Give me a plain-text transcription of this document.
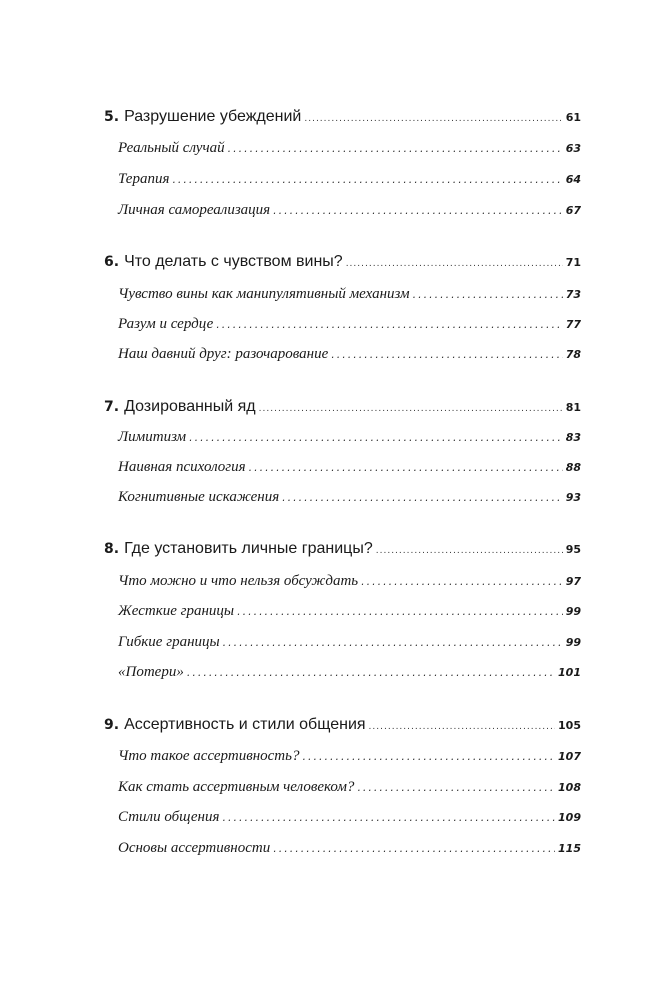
5. Разрушение убеждений .....	61
Реальный случай .....	63
Терапия .....	64
Личная самореализация .....	67
6. Что делать с чувством вины? .....	71
Чувство вины как манипулятивный механизм .....	73
Разум и сердце .....	77
Наш давний друг: разочарование .....	78
7. Дозированный яд .....	81
Лимитизм .....	83
Наивная психология .....	88
Когнитивные искажения .....	93
8. Где установить личные границы? .....	95
Что можно и что нельзя обсуждать .....	97
Жесткие границы .....	99
Гибкие границы .....	99
«Потери» .....	101
9. Ассертивность и стили общения .....	105
Что такое ассертивность? .....	107
Как стать ассертивным человеком? .....	108
Стили общения .....	109
Основы ассертивности .....	115
